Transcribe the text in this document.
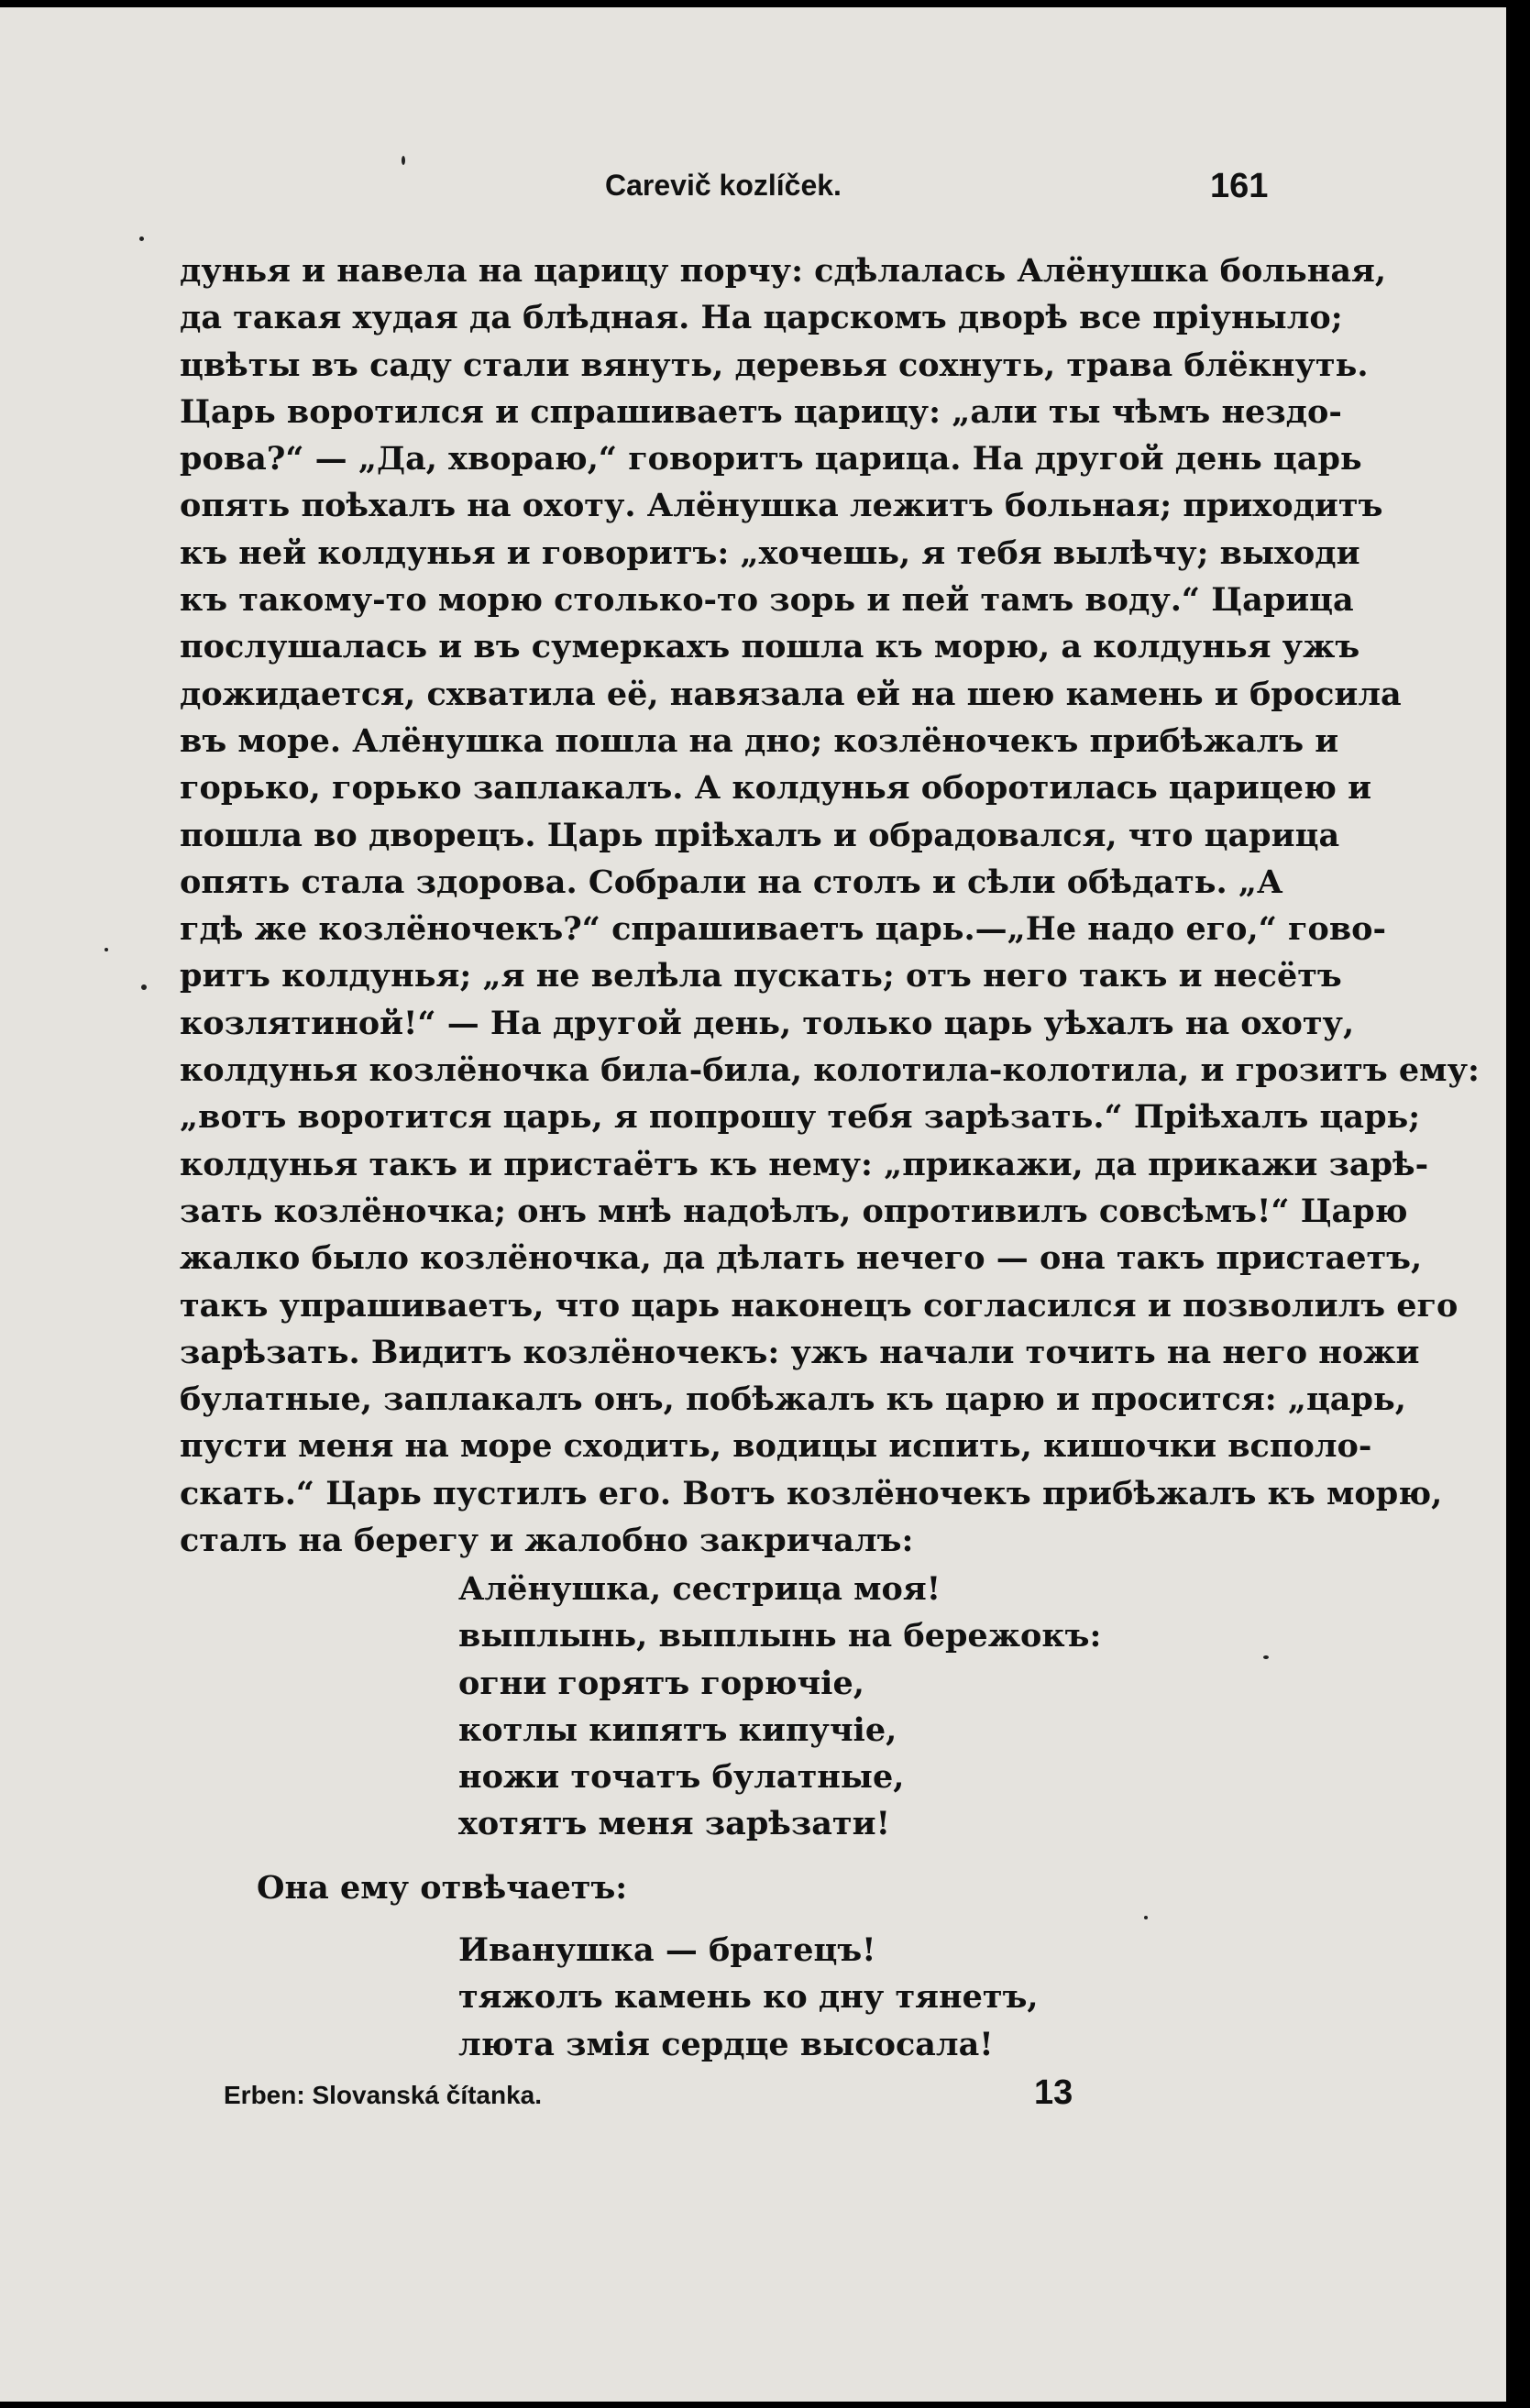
Carevič kozlíček.	161
дунья и навела на царицу порчу: сдѣлалась Алёнушка больная,
да такая худая да блѣдная. На царскомъ дворѣ все пріуныло;
цвѣты въ саду стали вянуть, деревья сохнуть, трава блёкнуть.
Царь воротился и спрашиваетъ царицу: „али ты чѣмъ нездо-
рова?“ — „Да, хвораю,“ говоритъ царица. На другой день царь
опять поѣхалъ на охоту. Алёнушка лежитъ больная; приходитъ
къ ней колдунья и говоритъ: „хочешь, я тебя вылѣчу; выходи
къ такому-то морю столько-то зорь и пей тамъ воду.“ Царица
послушалась и въ сумеркахъ пошла къ морю, а колдунья ужъ
дожидается, схватила её, навязала ей на шею камень и бросила
въ море. Алёнушка пошла на дно; козлёночекъ прибѣжалъ и
горько, горько заплакалъ. А колдунья оборотилась царицею и
пошла во дворецъ. Царь пріѣхалъ и обрадовался, что царица
опять стала здорова. Собрали на столъ и сѣли обѣдать. „А
гдѣ же козлёночекъ?“ спрашиваетъ царь.—„Не надо его,“ гово-
ритъ колдунья; „я не велѣла пускать; отъ него такъ и несётъ
козлятиной!“ — На другой день, только царь уѣхалъ на охоту,
колдунья козлёночка била-била, колотила-колотила, и грозитъ ему:
„вотъ воротится царь, я попрошу тебя зарѣзать.“ Пріѣхалъ царь;
колдунья такъ и пристаётъ къ нему: „прикажи, да прикажи зарѣ-
зать козлёночка; онъ мнѣ надоѣлъ, опротивилъ совсѣмъ!“ Царю
жалко было козлёночка, да дѣлать нечего — она такъ пристаетъ,
такъ упрашиваетъ, что царь наконецъ согласился и позволилъ его
зарѣзать. Видитъ козлёночекъ: ужъ начали точить на него ножи
булатные, заплакалъ онъ, побѣжалъ къ царю и просится: „царь,
пусти меня на море сходить, водицы испить, кишочки всполо-
скать.“ Царь пустилъ его. Вотъ козлёночекъ прибѣжалъ къ морю,
сталъ на берегу и жалобно закричалъ:
Алёнушка, сестрица моя!
выплынь, выплынь на бережокъ:
огни горятъ горючіе,
котлы кипятъ кипучіе,
ножи точатъ булатные,
хотятъ меня зарѣзати!
Она ему отвѣчаетъ:
Иванушка — братецъ!
тяжолъ камень ко дну тянетъ,
люта змія сердце высосала!
Erben: Slovanská čítanka.	13
